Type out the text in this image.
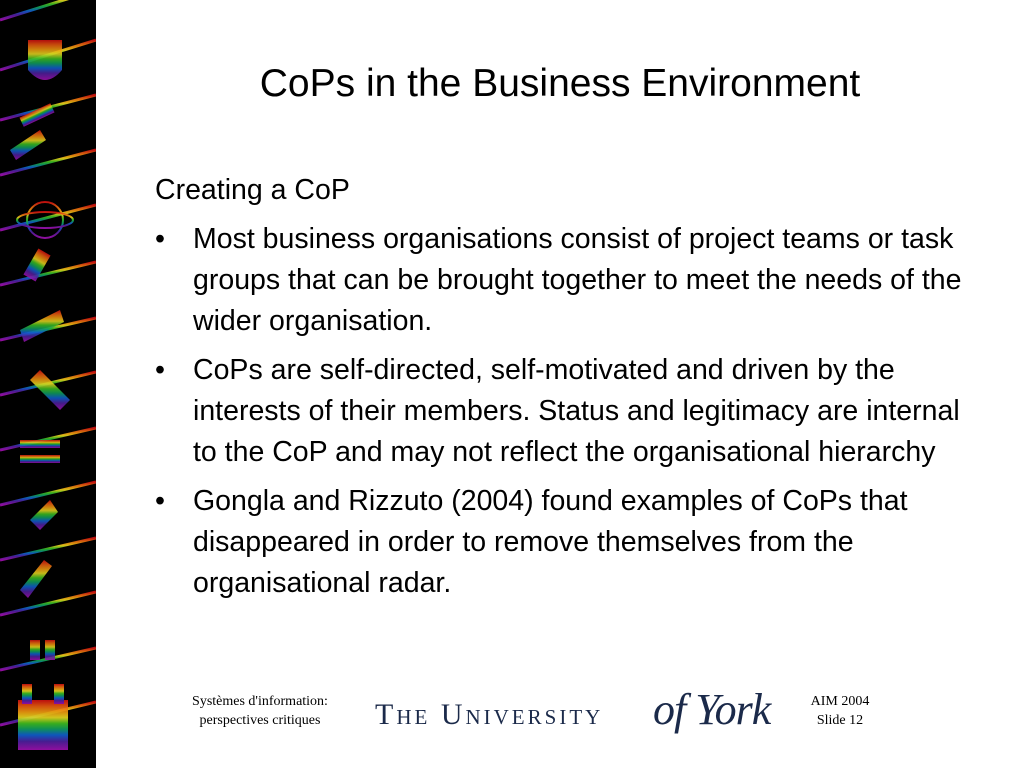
CoPs in the Business Environment
Creating a CoP
• Most business organisations consist of project teams or task groups that can be brought together to meet the needs of the wider organisation.
• CoPs are self-directed, self-motivated and driven by the interests of their members. Status and legitimacy are internal to the CoP and may not reflect the organisational hierarchy
• Gongla and Rizzuto (2004) found examples of CoPs that disappeared in order to remove themselves from the organisational radar.
Systèmes d'information:
perspectives critiques	The University of York	AIM 2004
Slide 12
